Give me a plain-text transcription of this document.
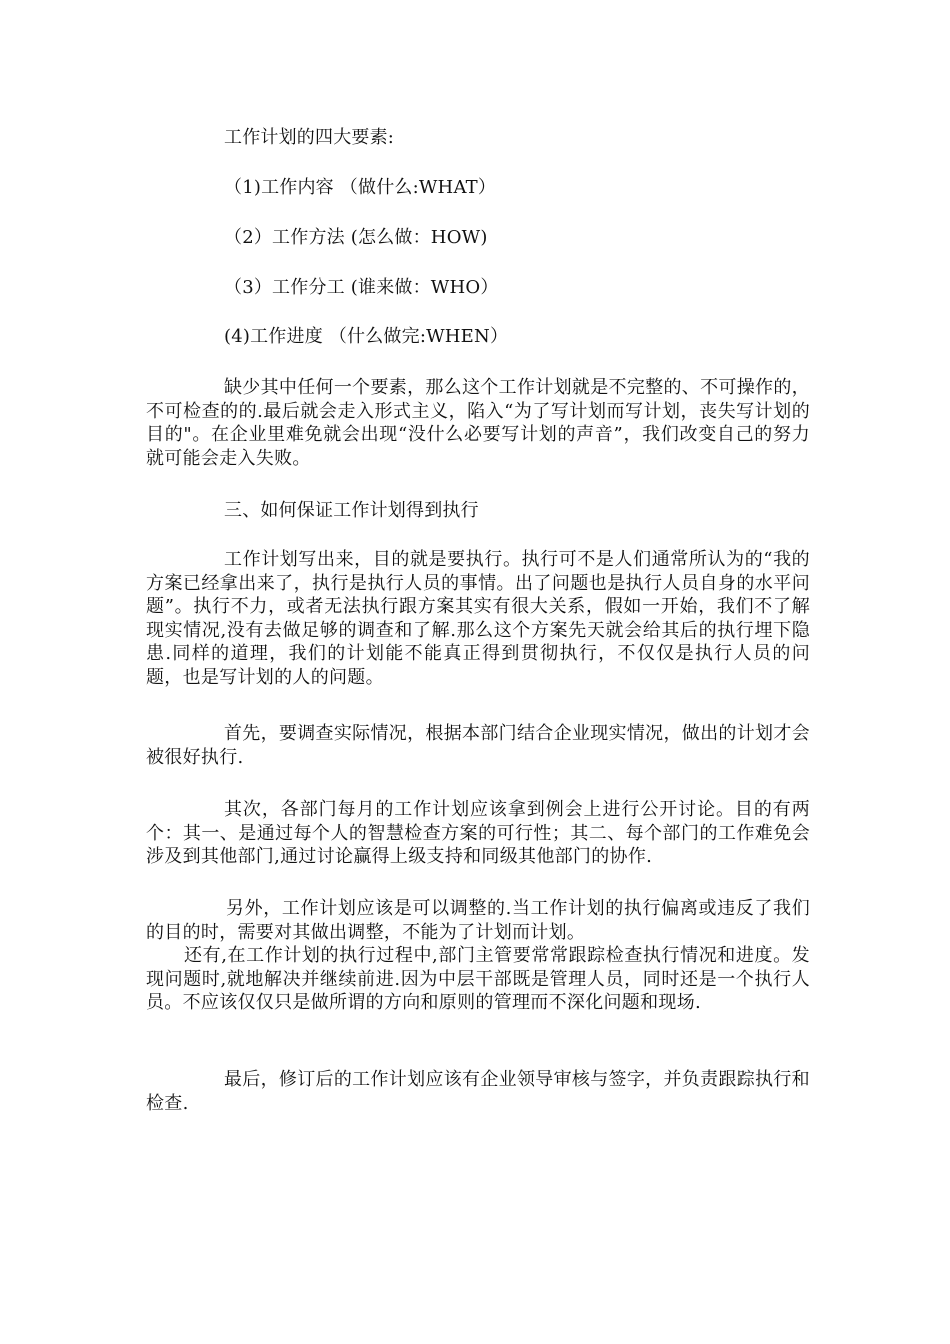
工作计划的四大要素:
（1)工作内容 （做什么:WHAT）
（2）工作方法 (怎么做：HOW)
（3）工作分工 (谁来做：WHO）
(4)工作进度 （什么做完:WHEN）

缺少其中任何一个要素，那么这个工作计划就是不完整的、不可操作的，不可检查的的.最后就会走入形式主义，陷入“为了写计划而写计划，丧失写计划的目的"。在企业里难免就会出现“没什么必要写计划的声音”，我们改变自己的努力就可能会走入失败。

三、如何保证工作计划得到执行

工作计划写出来，目的就是要执行。执行可不是人们通常所认为的“我的方案已经拿出来了，执行是执行人员的事情。出了问题也是执行人员自身的水平问题”。执行不力，或者无法执行跟方案其实有很大关系，假如一开始，我们不了解现实情况,没有去做足够的调查和了解.那么这个方案先天就会给其后的执行埋下隐患.同样的道理，我们的计划能不能真正得到贯彻执行，不仅仅是执行人员的问题，也是写计划的人的问题。

首先，要调查实际情况，根据本部门结合企业现实情况，做出的计划才会被很好执行.

其次，各部门每月的工作计划应该拿到例会上进行公开讨论。目的有两个：其一、是通过每个人的智慧检查方案的可行性；其二、每个部门的工作难免会涉及到其他部门,通过讨论赢得上级支持和同级其他部门的协作.

另外，工作计划应该是可以调整的.当工作计划的执行偏离或违反了我们的目的时，需要对其做出调整，不能为了计划而计划。

还有,在工作计划的执行过程中,部门主管要常常跟踪检查执行情况和进度。发现问题时,就地解决并继续前进.因为中层干部既是管理人员，同时还是一个执行人员。不应该仅仅只是做所谓的方向和原则的管理而不深化问题和现场.

最后，修订后的工作计划应该有企业领导审核与签字，并负责跟踪执行和检查.
